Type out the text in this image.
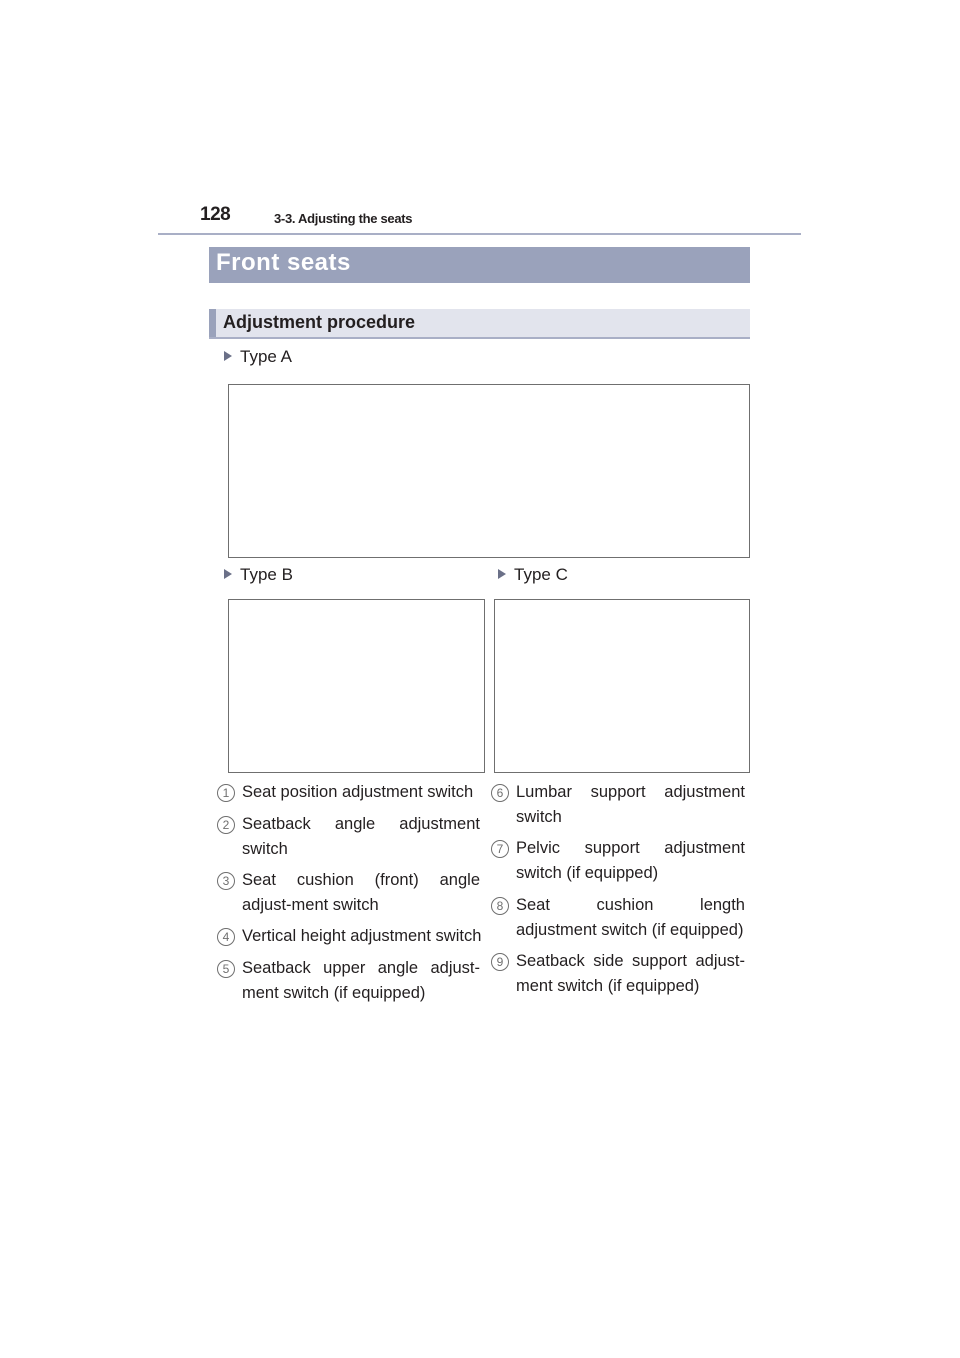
128	3-3. Adjusting the seats
Front seats
Adjustment procedure
Type A
Type B	Type C
1 Seat position adjustment switch
2 Seatback angle adjustment switch
3 Seat cushion (front) angle adjust-ment switch
4 Vertical height adjustment switch
5 Seatback upper angle adjust-ment switch (if equipped)
6 Lumbar support adjustment switch
7 Pelvic support adjustment switch (if equipped)
8 Seat cushion length adjustment switch (if equipped)
9 Seatback side support adjust-ment switch (if equipped)
